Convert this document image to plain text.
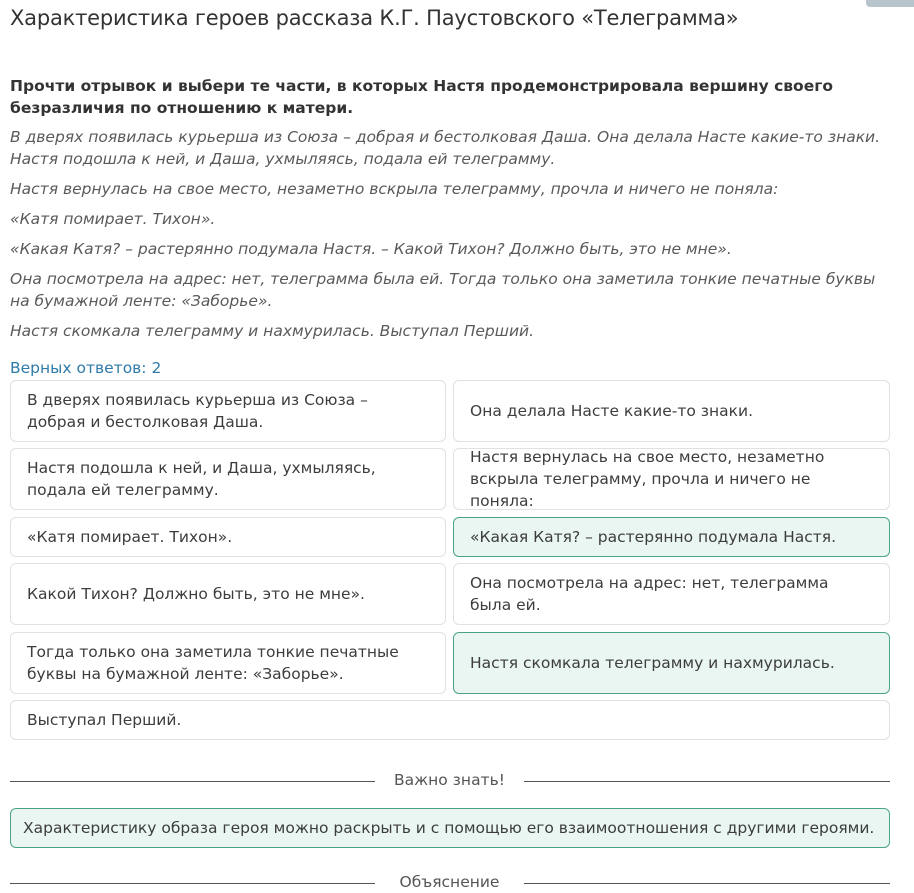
Характеристика героев рассказа К.Г. Паустовского «Телеграмма»
Прочти отрывок и выбери те части, в которых Настя продемонстрировала вершину своего безразличия по отношению к матери.

В дверях появилась курьерша из Союза – добрая и бестолковая Даша. Она делала Насте какие-то знаки. Настя подошла к ней, и Даша, ухмыляясь, подала ей телеграмму.

Настя вернулась на свое место, незаметно вскрыла телеграмму, прочла и ничего не поняла:

«Катя помирает. Тихон».

«Какая Катя? – растерянно подумала Настя. – Какой Тихон? Должно быть, это не мне».

Она посмотрела на адрес: нет, телеграмма была ей. Тогда только она заметила тонкие печатные буквы на бумажной ленте: «Заборье».

Настя скомкала телеграмму и нахмурилась. Выступал Перший.

Верных ответов: 2
В дверях появилась курьерша из Союза – добрая и бестолковая Даша.
Она делала Насте какие-то знаки.
Настя подошла к ней, и Даша, ухмыляясь, подала ей телеграмму.
Настя вернулась на свое место, незаметно вскрыла телеграмму, прочла и ничего не поняла:
«Катя помирает. Тихон».	«Какая Катя? – растерянно подумала Настя.
Какой Тихон? Должно быть, это не мне».
Она посмотрела на адрес: нет, телеграмма была ей.
Тогда только она заметила тонкие печатные буквы на бумажной ленте: «Заборье».
Настя скомкала телеграмму и нахмурилась.
Выступал Перший.
Важно знать!
Характеристику образа героя можно раскрыть и с помощью его взаимоотношения с другими героями.
Объяснение
